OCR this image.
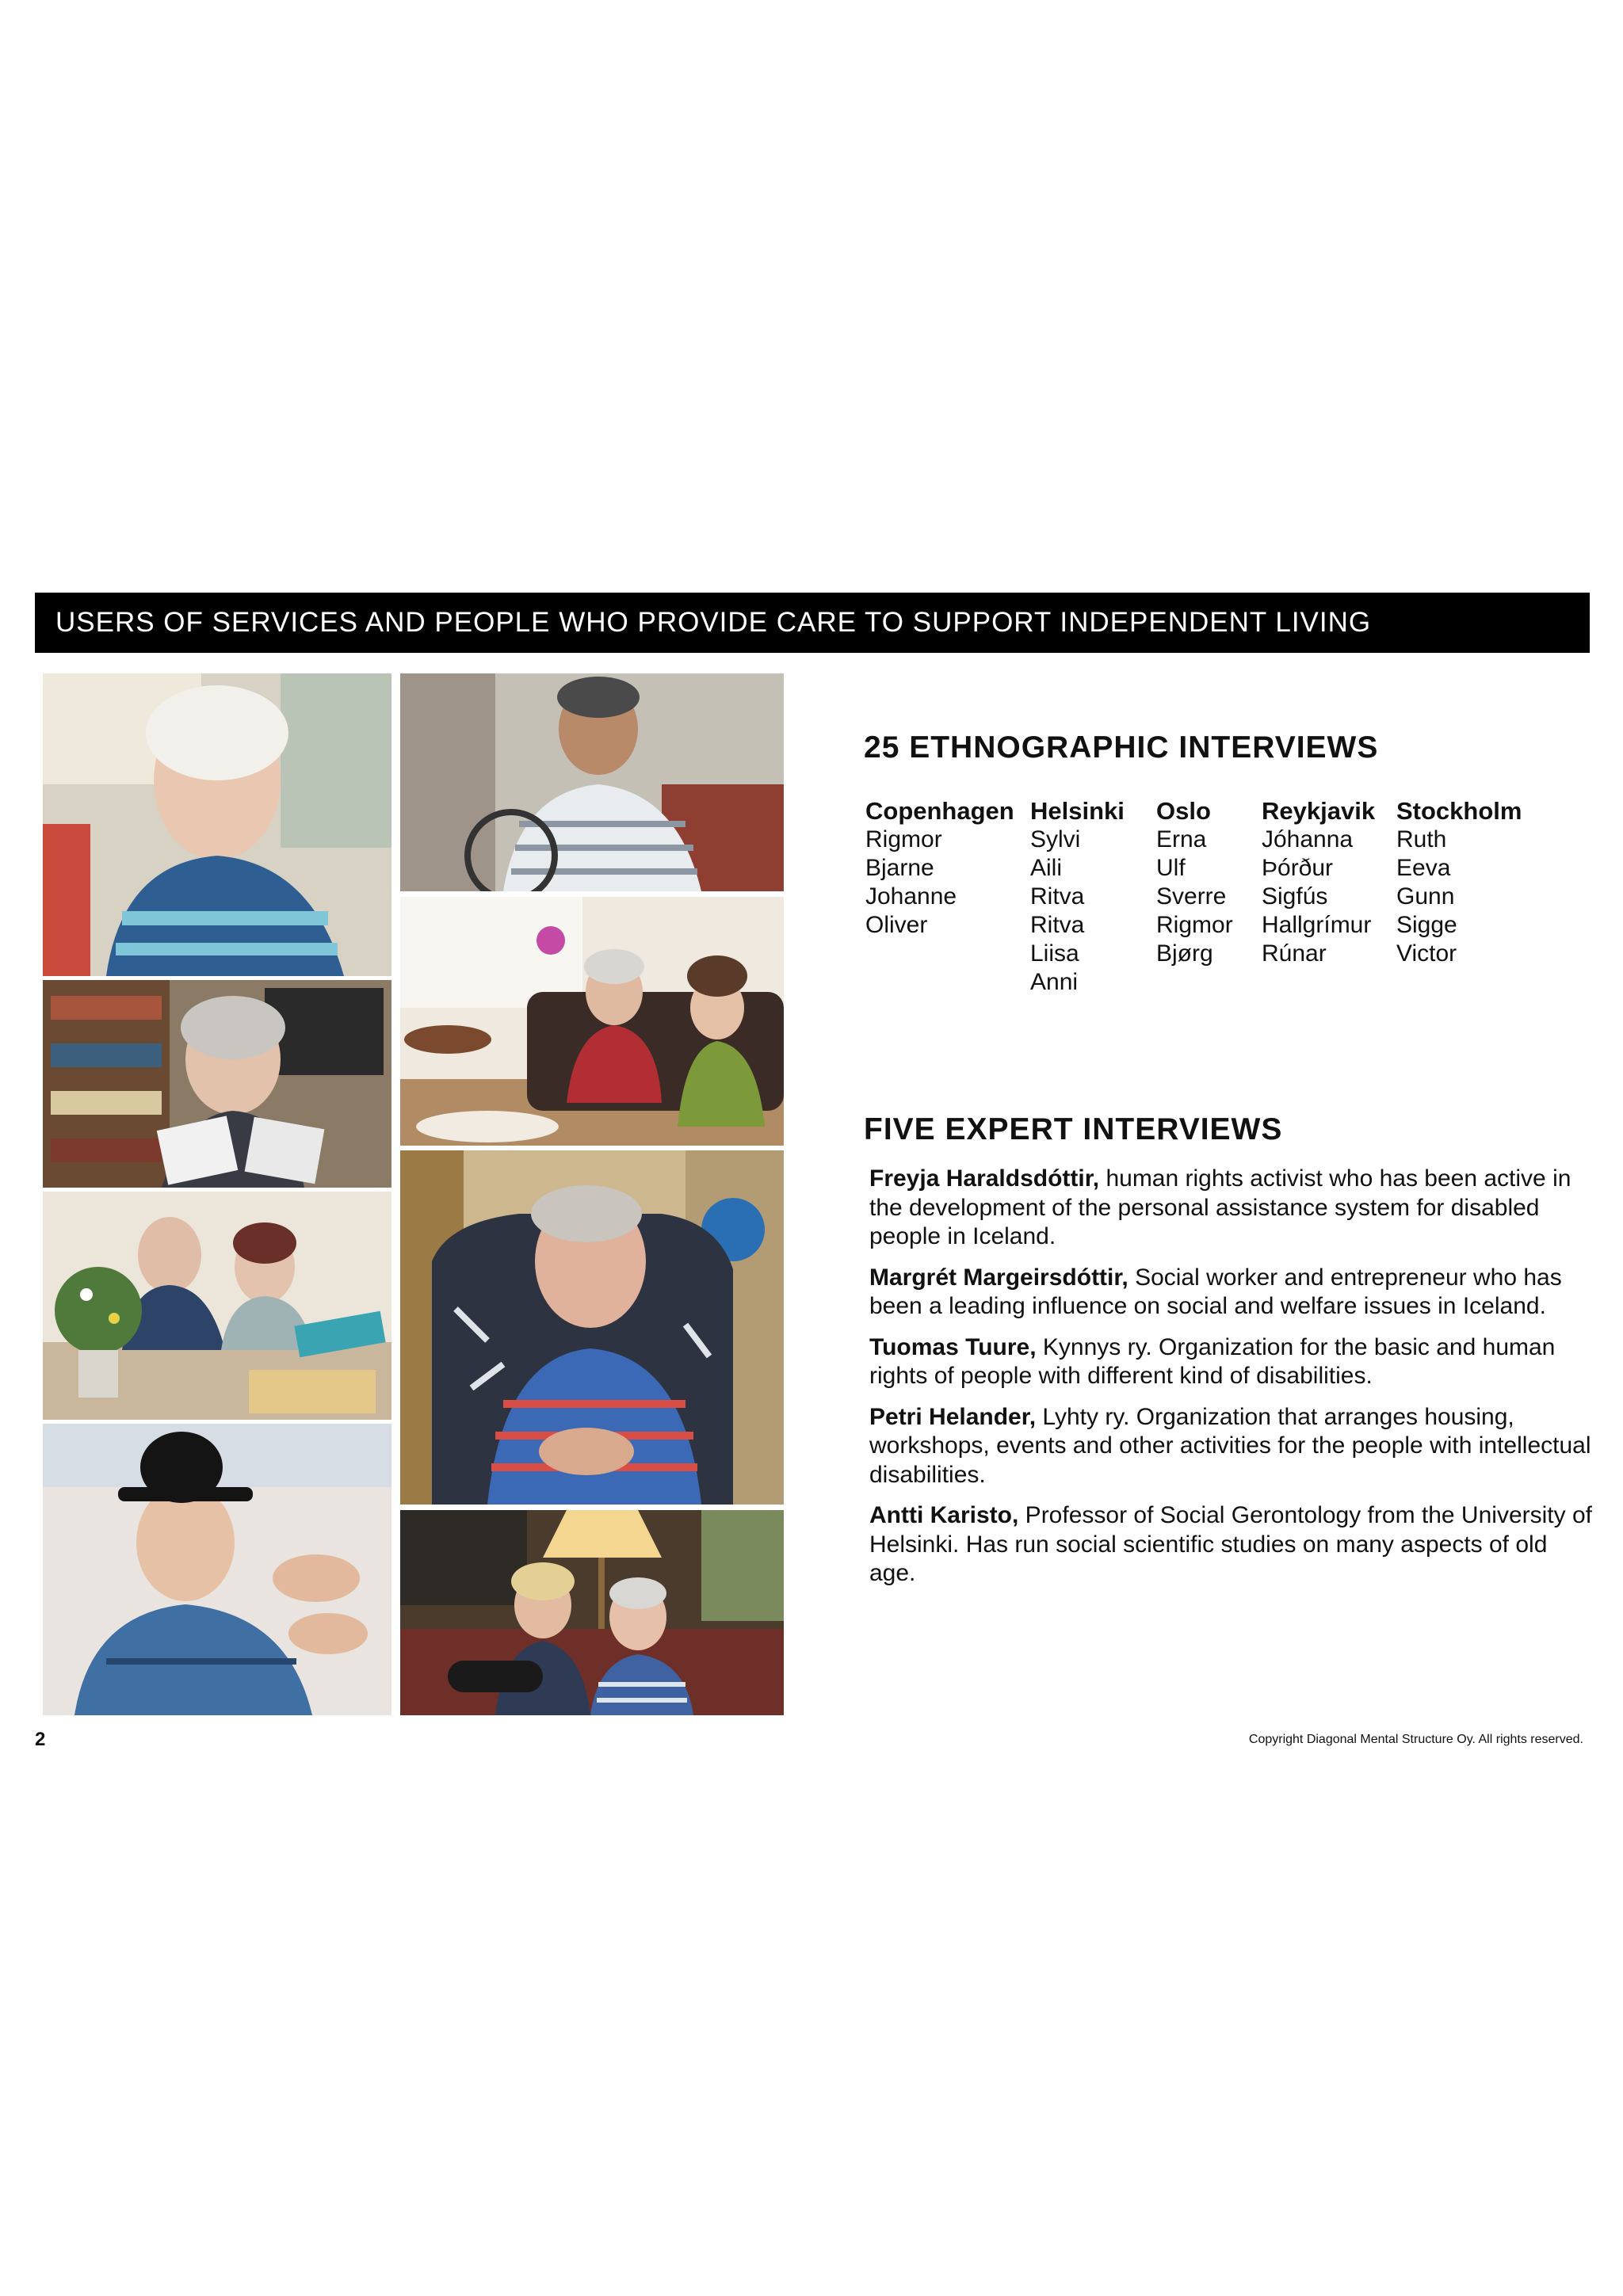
USERS OF SERVICES AND PEOPLE WHO PROVIDE CARE TO SUPPORT INDEPENDENT LIVING
25 ETHNOGRAPHIC INTERVIEWS
Copenhagen
Rigmor
Bjarne
Johanne
Oliver
Helsinki
Sylvi
Aili
Ritva
Ritva
Liisa
Anni
Oslo
Erna
Ulf
Sverre
Rigmor
Bjørg
Reykjavik
Jóhanna
Þórður
Sigfús
Hallgrímur
Rúnar
Stockholm
Ruth
Eeva
Gunn
Sigge
Victor
FIVE EXPERT INTERVIEWS

Freyja Haraldsdóttir, human rights activist who has been active in the development of the personal assistance system for disabled people in Iceland.

Margrét Margeirsdóttir, Social worker and entrepreneur who has been a leading influence on social and welfare issues in Iceland.

Tuomas Tuure, Kynnys ry. Organization for the basic and human rights of people with different kind of disabilities.

Petri Helander, Lyhty ry. Organization that arranges housing, workshops, events and other activities for the people with intellectual disabilities.

Antti Karisto, Professor of Social Gerontology from the University of Helsinki. Has run social scientific studies on many aspects of old age.

2	Copyright Diagonal Mental Structure Oy. All rights reserved.
